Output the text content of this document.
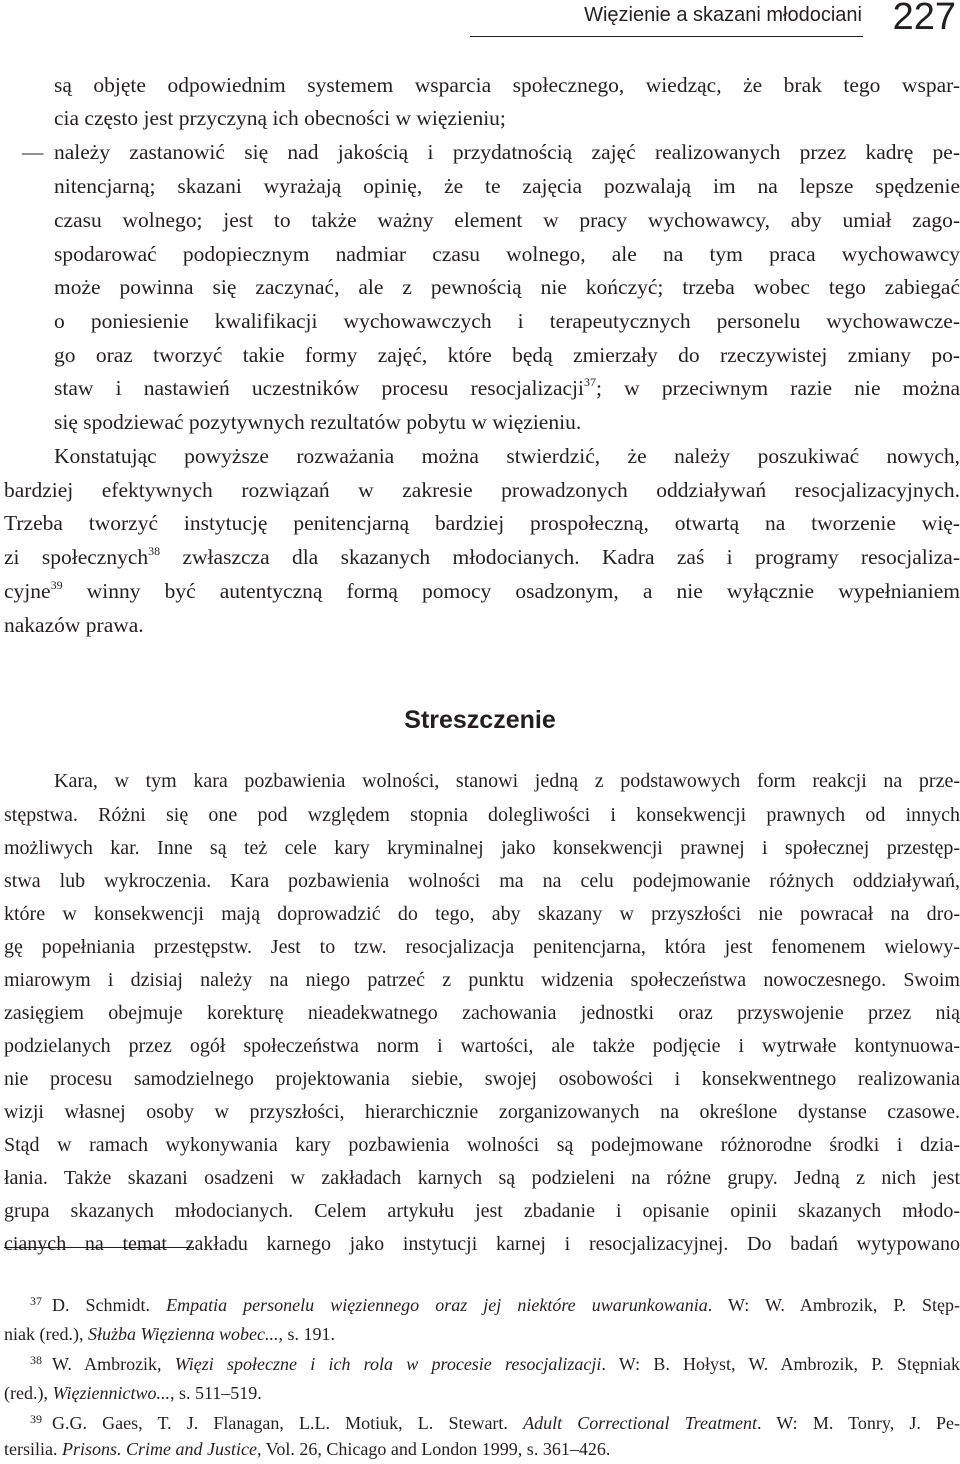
Więzienie a skazani młodociani 227
są objęte odpowiednim systemem wsparcia społecznego, wiedząc, że brak tego wspar-
cia często jest przyczyną ich obecności w więzieniu;
— należy zastanowić się nad jakością i przydatnością zajęć realizowanych przez kadrę pe-
nitencjarną; skazani wyrażają opinię, że te zajęcia pozwalają im na lepsze spędzenie
czasu wolnego; jest to także ważny element w pracy wychowawcy, aby umiał zago-
spodarować podopiecznym nadmiar czasu wolnego, ale na tym praca wychowawcy
może powinna się zaczynać, ale z pewnością nie kończyć; trzeba wobec tego zabiegać
o poniesienie kwalifikacji wychowawczych i terapeutycznych personelu wychowawcze-
go oraz tworzyć takie formy zajęć, które będą zmierzały do rzeczywistej zmiany po-
staw i nastawień uczestników procesu resocjalizacji$^{37}$; w przeciwnym razie nie można
się spodziewać pozytywnych rezultatów pobytu w więzieniu.
Konstatując powyższe rozważania można stwierdzić, że należy poszukiwać nowych,
bardziej efektywnych rozwiązań w zakresie prowadzonych oddziaływań resocjalizacyjnych.
Trzeba tworzyć instytucję penitencjarną bardziej prospołeczną, otwartą na tworzenie wię-
zi społecznych$^{38}$ zwłaszcza dla skazanych młodocianych. Kadra zaś i programy resocjaliza-
cyjne$^{39}$ winny być autentyczną formą pomocy osadzonym, a nie wyłącznie wypełnianiem
nakazów prawa.
Streszczenie
Kara, w tym kara pozbawienia wolności, stanowi jedną z podstawowych form reakcji na prze-
stępstwa. Różni się one pod względem stopnia dolegliwości i konsekwencji prawnych od innych
możliwych kar. Inne są też cele kary kryminalnej jako konsekwencji prawnej i społecznej przestęp-
stwa lub wykroczenia. Kara pozbawienia wolności ma na celu podejmowanie różnych oddziaływań,
które w konsekwencji mają doprowadzić do tego, aby skazany w przyszłości nie powracał na dro-
gę popełniania przestępstw. Jest to tzw. resocjalizacja penitencjarna, która jest fenomenem wielowy-
miarowym i dzisiaj należy na niego patrzeć z punktu widzenia społeczeństwa nowoczesnego. Swoim
zasięgiem obejmuje korekturę nieadekwatnego zachowania jednostki oraz przyswojenie przez nią
podzielanych przez ogół społeczeństwa norm i wartości, ale także podjęcie i wytrwałe kontynuowa-
nie procesu samodzielnego projektowania siebie, swojej osobowości i konsekwentnego realizowania
wizji własnej osoby w przyszłości, hierarchicznie zorganizowanych na określone dystanse czasowe.
Stąd w ramach wykonywania kary pozbawienia wolności są podejmowane różnorodne środki i dzia-
łania. Także skazani osadzeni w zakładach karnych są podzieleni na różne grupy. Jedną z nich jest
grupa skazanych młodocianych. Celem artykułu jest zbadanie i opisanie opinii skazanych młodo-
cianych na temat zakładu karnego jako instytucji karnej i resocjalizacyjnej. Do badań wytypowano
$^{37}$ D. Schmidt. Empatia personelu więziennego oraz jej niektóre uwarunkowania. W: W. Ambrozik, P. Stęp-
niak (red.), Służba Więzienna wobec..., s. 191.
$^{38}$ W. Ambrozik, Więzi społeczne i ich rola w procesie resocjalizacji. W: B. Hołyst, W. Ambrozik, P. Stępniak
(red.), Więziennictwo..., s. 511–519.
$^{39}$ G.G. Gaes, T. J. Flanagan, L.L. Motiuk, L. Stewart. Adult Correctional Treatment. W: M. Tonry, J. Pe-
tersilia. Prisons. Crime and Justice, Vol. 26, Chicago and London 1999, s. 361–426.
